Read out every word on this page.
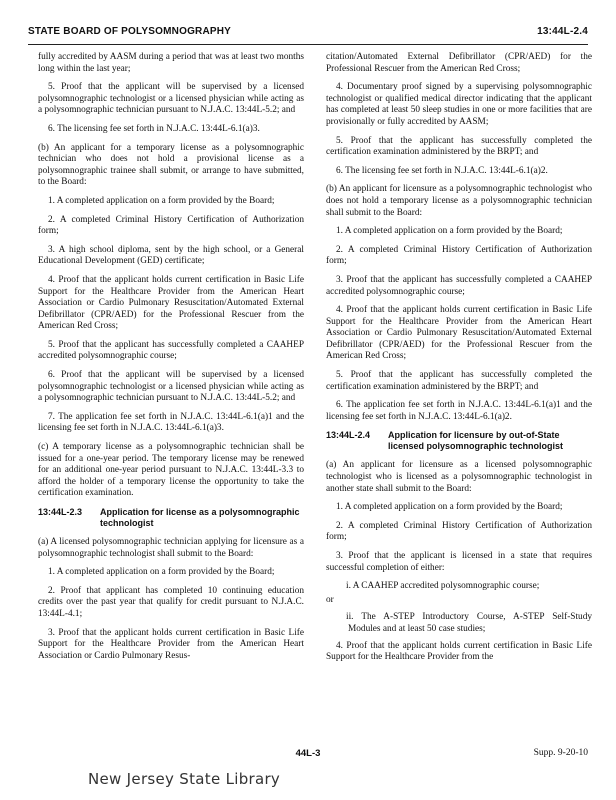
STATE BOARD OF POLYSOMNOGRAPHY	13:44L-2.4

fully accredited by AASM during a period that was at least two months long within the last year;

5. Proof that the applicant will be supervised by a licensed polysomnographic technologist or a licensed physician while acting as a polysomnographic technician pursuant to N.J.A.C. 13:44L-5.2; and

6. The licensing fee set forth in N.J.A.C. 13:44L-6.1(a)3.

(b) An applicant for a temporary license as a polysomnographic technician who does not hold a provisional license as a polysomnographic trainee shall submit, or arrange to have submitted, to the Board:

1. A completed application on a form provided by the Board;

2. A completed Criminal History Certification of Authorization form;

3. A high school diploma, sent by the high school, or a General Educational Development (GED) certificate;

4. Proof that the applicant holds current certification in Basic Life Support for the Healthcare Provider from the American Heart Association or Cardio Pulmonary Resuscitation/Automated External Defibrillator (CPR/AED) for the Professional Rescuer from the American Red Cross;

5. Proof that the applicant has successfully completed a CAAHEP accredited polysomnographic course;

6. Proof that the applicant will be supervised by a licensed polysomnographic technologist or a licensed physician while acting as a polysomnographic technician pursuant to N.J.A.C. 13:44L-5.2; and

7. The application fee set forth in N.J.A.C. 13:44L-6.1(a)1 and the licensing fee set forth in N.J.A.C. 13:44L-6.1(a)3.

(c) A temporary license as a polysomnographic technician shall be issued for a one-year period. The temporary license may be renewed for an additional one-year period pursuant to N.J.A.C. 13:44L-3.3 to afford the holder of a temporary license the opportunity to take the certification examination.

13:44L-2.3	Application for license as a polysomnographic technologist

(a) A licensed polysomnographic technician applying for licensure as a polysomnographic technologist shall submit to the Board:

1. A completed application on a form provided by the Board;

2. Proof that applicant has completed 10 continuing education credits over the past year that qualify for credit pursuant to N.J.A.C. 13:44L-4.1;

3. Proof that the applicant holds current certification in Basic Life Support for the Healthcare Provider from the American Heart Association or Cardio Pulmonary Resus-

citation/Automated External Defibrillator (CPR/AED) for the Professional Rescuer from the American Red Cross;

4. Documentary proof signed by a supervising polysomnographic technologist or qualified medical director indicating that the applicant has completed at least 50 sleep studies in one or more facilities that are provisionally or fully accredited by AASM;

5. Proof that the applicant has successfully completed the certification examination administered by the BRPT; and

6. The licensing fee set forth in N.J.A.C. 13:44L-6.1(a)2.

(b) An applicant for licensure as a polysomnographic technologist who does not hold a temporary license as a polysomnographic technician shall submit to the Board:

1. A completed application on a form provided by the Board;

2. A completed Criminal History Certification of Authorization form;

3. Proof that the applicant has successfully completed a CAAHEP accredited polysomnographic course;

4. Proof that the applicant holds current certification in Basic Life Support for the Healthcare Provider from the American Heart Association or Cardio Pulmonary Resuscitation/Automated External Defibrillator (CPR/AED) for the Professional Rescuer from the American Red Cross;

5. Proof that the applicant has successfully completed the certification examination administered by the BRPT; and

6. The application fee set forth in N.J.A.C. 13:44L-6.1(a)1 and the licensing fee set forth in N.J.A.C. 13:44L-6.1(a)2.

13:44L-2.4	Application for licensure by out-of-State licensed polysomnographic technologist

(a) An applicant for licensure as a licensed polysomnographic technologist who is licensed as a polysomnographic technologist in another state shall submit to the Board:

1. A completed application on a form provided by the Board;

2. A completed Criminal History Certification of Authorization form;

3. Proof that the applicant is licensed in a state that requires successful completion of either:

i. A CAAHEP accredited polysomnographic course;

or

ii. The A-STEP Introductory Course, A-STEP Self-Study Modules and at least 50 case studies;

4. Proof that the applicant holds current certification in Basic Life Support for the Healthcare Provider from the

44L-3	Supp. 9-20-10
New Jersey State Library
